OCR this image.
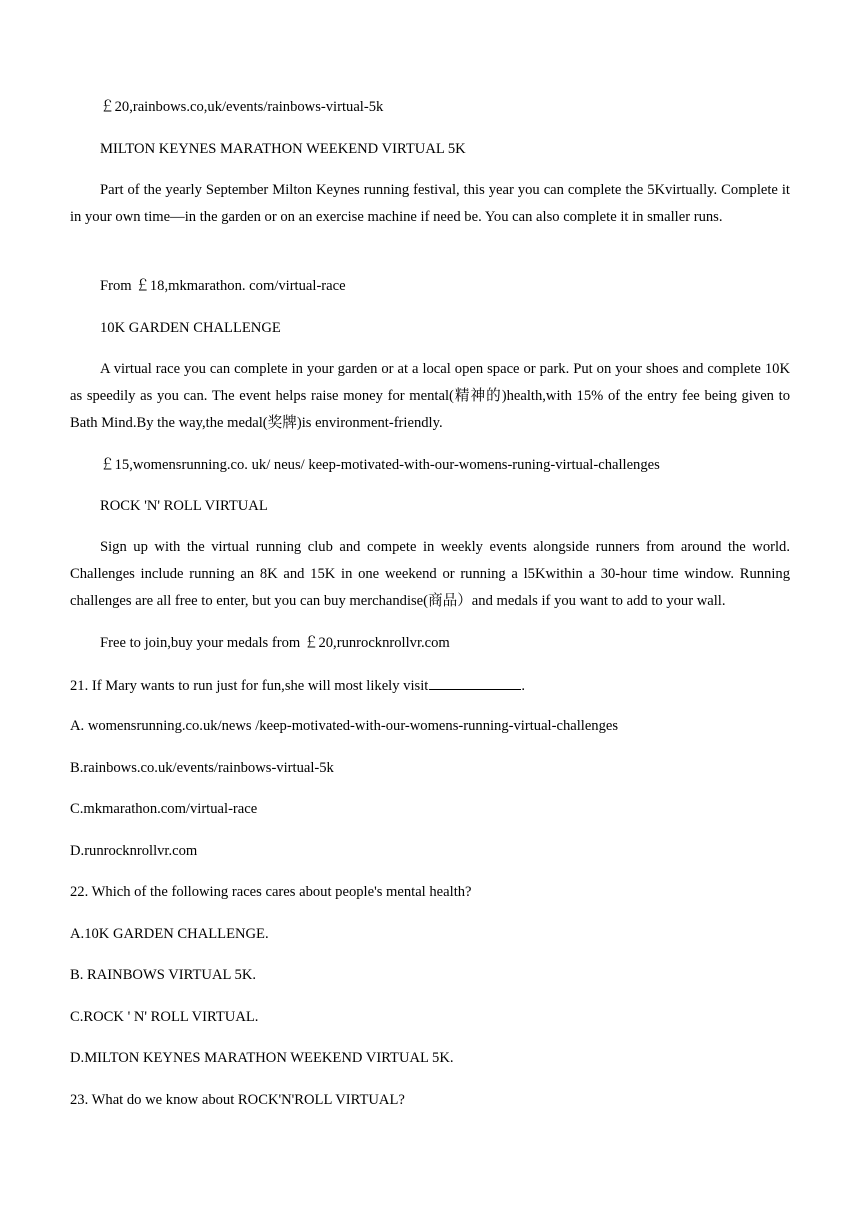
￡20,rainbows.co,uk/events/rainbows-virtual-5k
MILTON KEYNES MARATHON WEEKEND VIRTUAL 5K
Part of the yearly September Milton Keynes running festival, this year you can complete the 5Kvirtually. Complete it in your own time—in the garden or on an exercise machine if need be. You can also complete it in smaller runs.
From ￡18,mkmarathon. com/virtual-race
10K GARDEN CHALLENGE
A virtual race you can complete in your garden or at a local open space or park. Put on your shoes and complete 10K as speedily as you can. The event helps raise money for mental(精神的)health,with 15% of the entry fee being given to Bath Mind.By the way,the medal(奖牌)is environment-friendly.
￡15,womensrunning.co. uk/ neus/ keep-motivated-with-our-womens-runing-virtual-challenges
ROCK 'N' ROLL VIRTUAL
Sign up with the virtual running club and compete in weekly events alongside runners from around the world. Challenges include running an 8K and 15K in one weekend or running a l5Kwithin a 30-hour time window. Running challenges are all free to enter, but you can buy merchandise(商品）and medals if you want to add to your wall.
Free to join,buy your medals from ￡20,runrocknrollvr.com
21. If Mary wants to run just for fun,she will most likely visit	.
A. womensrunning.co.uk/news /keep-motivated-with-our-womens-running-virtual-challenges
B.rainbows.co.uk/events/rainbows-virtual-5k
C.mkmarathon.com/virtual-race
D.runrocknrollvr.com
22. Which of the following races cares about people's mental health?
A.10K GARDEN CHALLENGE.
B. RAINBOWS VIRTUAL 5K.
C.ROCK ' N' ROLL VIRTUAL.
D.MILTON KEYNES MARATHON WEEKEND VIRTUAL 5K.
23. What do we know about ROCK'N'ROLL VIRTUAL?
